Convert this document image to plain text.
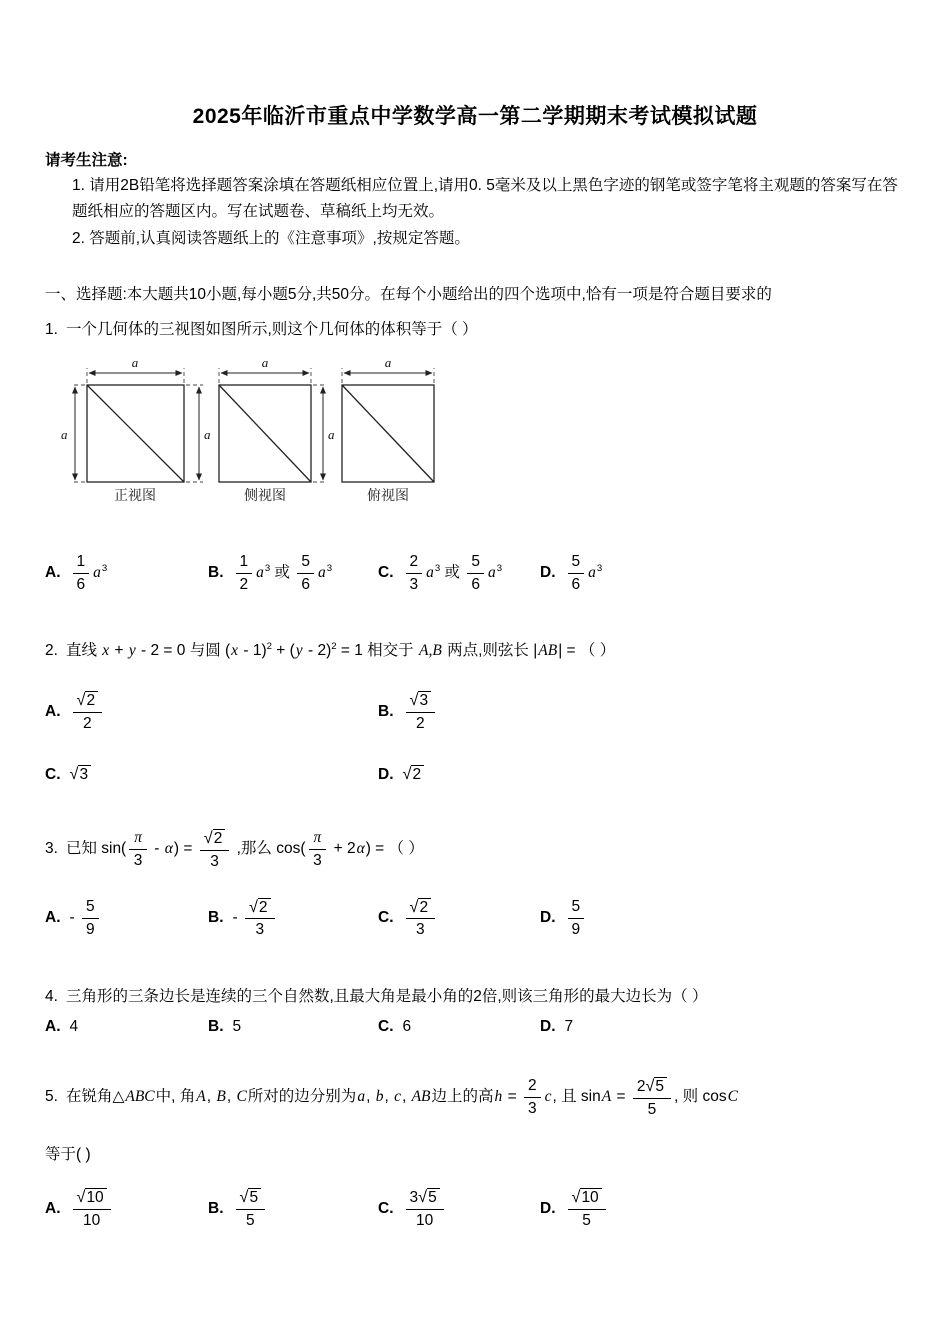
2025年临沂市重点中学数学高一第二学期期末考试模拟试题

请考生注意:

1. 请用2B铅笔将选择题答案涂填在答题纸相应位置上,请用0. 5毫米及以上黑色字迹的钢笔或签字笔将主观题的答案写在答题纸相应的答题区内。写在试题卷、草稿纸上均无效。

2. 答题前,认真阅读答题纸上的《注意事项》,按规定答题。

一、选择题:本大题共10小题,每小题5分,共50分。在每个小题给出的四个选项中,恰有一项是符合题目要求的

1. 一个几何体的三视图如图所示,则这个几何体的体积等于（ ）

a	a	a
a	a	a
正视图	侧视图	俯视图
A. $\frac{1}{6} a^3$	B. $\frac{1}{2} a^3$ 或 $\frac{5}{6} a^3$	C. $\frac{2}{3} a^3$ 或 $\frac{5}{6} a^3$	D. $\frac{5}{6} a^3$

2. 直线 x + y - 2 = 0 与圆 (x - 1)$^2$ + (y - 2)$^2$ = 1 相交于 A,B 两点,则弦长 |AB| = （ ）

A. $\frac{√ 2}{2}$	B. $\frac{√ 3}{2}$
C. √ 3	D. √ 2

3. 已知 $\sin( \frac{\pi}{3} - \alpha) = \frac{√ 2}{3}$ ,那么 $\cos( \frac{\pi}{3} + 2\alpha)$ = （ ）

A. - $\frac{5}{9}$	B. - $\frac{√ 2}{3}$	C. $\frac{√ 2}{3}$	D. $\frac{5}{9}$

4. 三角形的三条边长是连续的三个自然数,且最大角是最小角的2倍,则该三角形的最大边长为（ ）

A. 4	B. 5	C. 6	D. 7

5. 在锐角△ABC中, 角A, B, C所对的边分别为a, b, c, AB边上的高$h = \frac{2}{3} c$, 且 $\sin A = \frac{2 √ 5}{5}$ , 则 cosC

等于( )

A. $\frac{√ 10}{10}$	B. $\frac{√ 5}{5}$	C. $\frac{3 √ 5}{10}$	D. $\frac{√ 10}{5}$
